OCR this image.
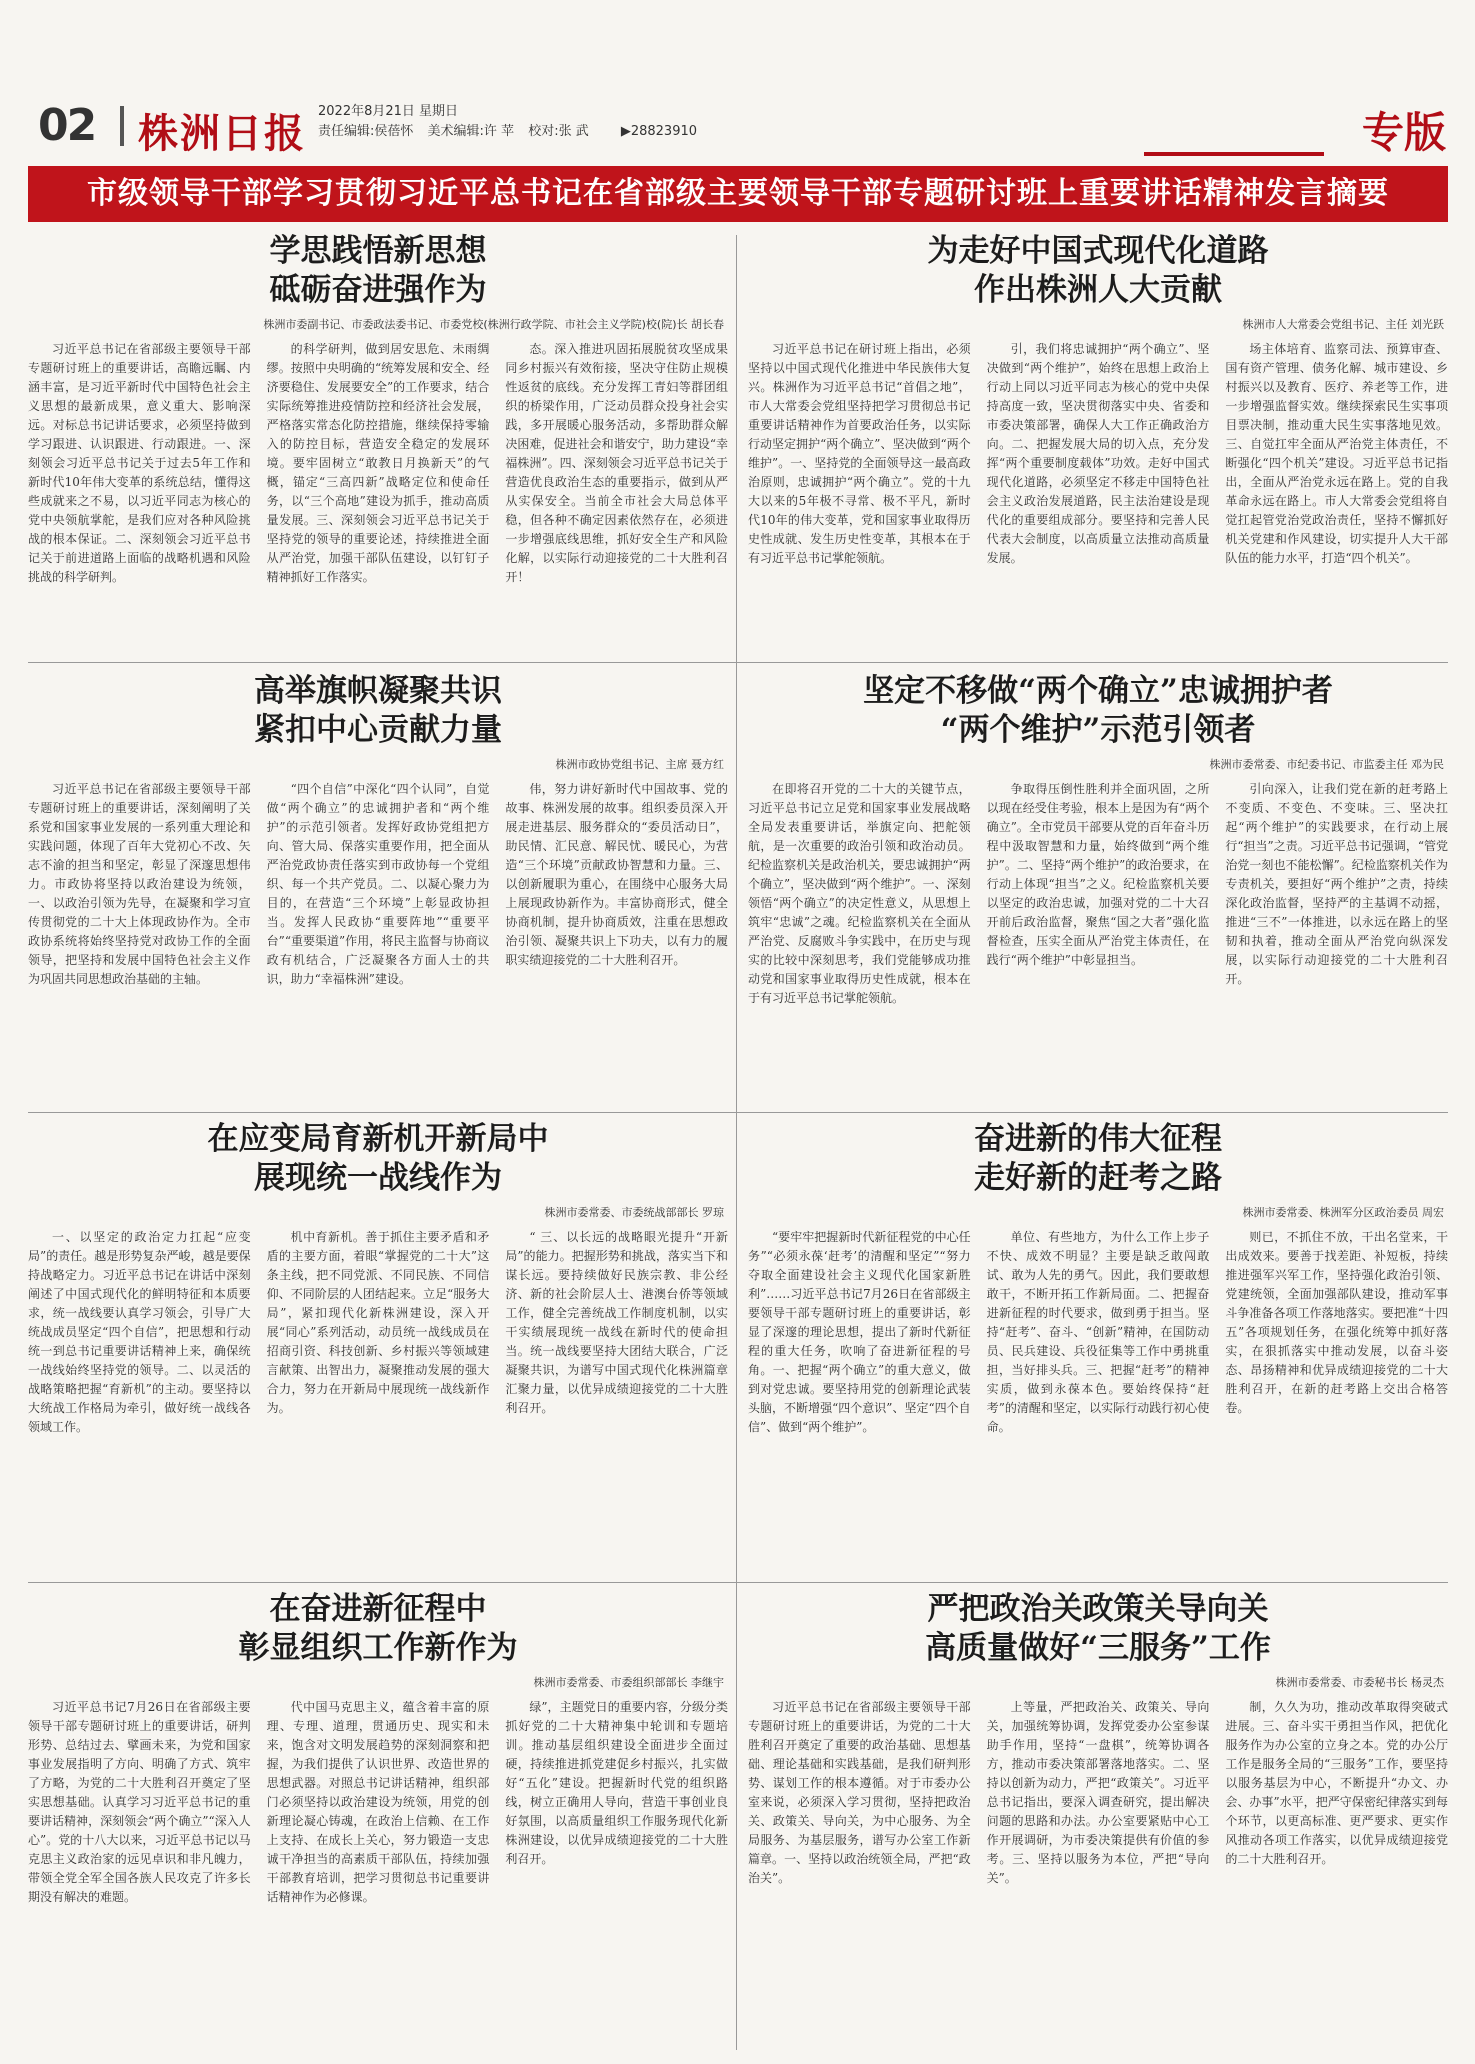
02 株洲日报 2022年8月21日 星期日
责任编辑:侯蓓怀 美术编辑:许 苹 校对:张 武 ▶28823910	专版
市级领导干部学习贯彻习近平总书记在省部级主要领导干部专题研讨班上重要讲话精神发言摘要
学思践悟新思想
砥砺奋进强作为
株洲市委副书记、市委政法委书记、市委党校(株洲行政学院、市社会主义学院)校(院)长 胡长春

习近平总书记在省部级主要领导干部专题研讨班上的重要讲话，高瞻远瞩、内涵丰富，是习近平新时代中国特色社会主义思想的最新成果，意义重大、影响深远。对标总书记讲话要求，必须坚持做到学习跟进、认识跟进、行动跟进。一、深刻领会习近平总书记关于过去5年工作和新时代10年伟大变革的系统总结，懂得这些成就来之不易，以习近平同志为核心的党中央领航掌舵，是我们应对各种风险挑战的根本保证。二、深刻领会习近平总书记关于前进道路上面临的战略机遇和风险挑战的科学研判。

的科学研判，做到居安思危、未雨绸缪。按照中央明确的“统筹发展和安全、经济要稳住、发展要安全”的工作要求，结合实际统筹推进疫情防控和经济社会发展，严格落实常态化防控措施，继续保持零输入的防控目标，营造安全稳定的发展环境。要牢固树立“敢教日月换新天”的气概，锚定“三高四新”战略定位和使命任务，以“三个高地”建设为抓手，推动高质量发展。三、深刻领会习近平总书记关于坚持党的领导的重要论述，持续推进全面从严治党，加强干部队伍建设，以钉钉子精神抓好工作落实。

态。深入推进巩固拓展脱贫攻坚成果同乡村振兴有效衔接，坚决守住防止规模性返贫的底线。充分发挥工青妇等群团组织的桥梁作用，广泛动员群众投身社会实践，多开展暖心服务活动，多帮助群众解决困难，促进社会和谐安宁，助力建设“幸福株洲”。四、深刻领会习近平总书记关于营造优良政治生态的重要指示，做到从严从实保安全。当前全市社会大局总体平稳，但各种不确定因素依然存在，必须进一步增强底线思维，抓好安全生产和风险化解，以实际行动迎接党的二十大胜利召开！

为走好中国式现代化道路
作出株洲人大贡献
株洲市人大常委会党组书记、主任 刘光跃

习近平总书记在研讨班上指出，必须坚持以中国式现代化推进中华民族伟大复兴。株洲作为习近平总书记“首倡之地”，市人大常委会党组坚持把学习贯彻总书记重要讲话精神作为首要政治任务，以实际行动坚定拥护“两个确立”、坚决做到“两个维护”。一、坚持党的全面领导这一最高政治原则，忠诚拥护“两个确立”。党的十九大以来的5年极不寻常、极不平凡，新时代10年的伟大变革，党和国家事业取得历史性成就、发生历史性变革，其根本在于有习近平总书记掌舵领航。

引，我们将忠诚拥护“两个确立”、坚决做到“两个维护”，始终在思想上政治上行动上同以习近平同志为核心的党中央保持高度一致，坚决贯彻落实中央、省委和市委决策部署，确保人大工作正确政治方向。二、把握发展大局的切入点，充分发挥“两个重要制度载体”功效。走好中国式现代化道路，必须坚定不移走中国特色社会主义政治发展道路，民主法治建设是现代化的重要组成部分。要坚持和完善人民代表大会制度，以高质量立法推动高质量发展。

场主体培育、监察司法、预算审查、国有资产管理、债务化解、城市建设、乡村振兴以及教育、医疗、养老等工作，进一步增强监督实效。继续探索民生实事项目票决制，推动重大民生实事落地见效。三、自觉扛牢全面从严治党主体责任，不断强化“四个机关”建设。习近平总书记指出，全面从严治党永远在路上。党的自我革命永远在路上。市人大常委会党组将自觉扛起管党治党政治责任，坚持不懈抓好机关党建和作风建设，切实提升人大干部队伍的能力水平，打造“四个机关”。

高举旗帜凝聚共识
紧扣中心贡献力量
株洲市政协党组书记、主席 聂方红

习近平总书记在省部级主要领导干部专题研讨班上的重要讲话，深刻阐明了关系党和国家事业发展的一系列重大理论和实践问题，体现了百年大党初心不改、矢志不渝的担当和坚定，彰显了深邃思想伟力。市政协将坚持以政治建设为统领，一、以政治引领为先导，在凝聚和学习宣传贯彻党的二十大上体现政协作为。全市政协系统将始终坚持党对政协工作的全面领导，把坚持和发展中国特色社会主义作为巩固共同思想政治基础的主轴。

“四个自信”中深化“四个认同”，自觉做“两个确立”的忠诚拥护者和“两个维护”的示范引领者。发挥好政协党组把方向、管大局、保落实重要作用，把全面从严治党政协责任落实到市政协每一个党组织、每一个共产党员。二、以凝心聚力为目的，在营造“三个环境”上彰显政协担当。发挥人民政协“重要阵地”“重要平台”“重要渠道”作用，将民主监督与协商议政有机结合，广泛凝聚各方面人士的共识，助力“幸福株洲”建设。

伟，努力讲好新时代中国故事、党的故事、株洲发展的故事。组织委员深入开展走进基层、服务群众的“委员活动日”，助民情、汇民意、解民忧、暖民心，为营造“三个环境”贡献政协智慧和力量。三、以创新履职为重心，在围绕中心服务大局上展现政协新作为。丰富协商形式，健全协商机制，提升协商质效，注重在思想政治引领、凝聚共识上下功夫，以有力的履职实绩迎接党的二十大胜利召开。

坚定不移做“两个确立”忠诚拥护者
“两个维护”示范引领者
株洲市委常委、市纪委书记、市监委主任 邓为民

在即将召开党的二十大的关键节点，习近平总书记立足党和国家事业发展战略全局发表重要讲话，举旗定向、把舵领航，是一次重要的政治引领和政治动员。纪检监察机关是政治机关，要忠诚拥护“两个确立”，坚决做到“两个维护”。一、深刻领悟“两个确立”的决定性意义，从思想上筑牢“忠诚”之魂。纪检监察机关在全面从严治党、反腐败斗争实践中，在历史与现实的比较中深刻思考，我们党能够成功推动党和国家事业取得历史性成就，根本在于有习近平总书记掌舵领航。

争取得压倒性胜利并全面巩固，之所以现在经受住考验，根本上是因为有“两个确立”。全市党员干部要从党的百年奋斗历程中汲取智慧和力量，始终做到“两个维护”。二、坚持“两个维护”的政治要求，在行动上体现“担当”之义。纪检监察机关要以坚定的政治忠诚，加强对党的二十大召开前后政治监督，聚焦“国之大者”强化监督检查，压实全面从严治党主体责任，在践行“两个维护”中彰显担当。

引向深入，让我们党在新的赶考路上不变质、不变色、不变味。三、坚决扛起“两个维护”的实践要求，在行动上展行“担当”之责。习近平总书记强调，“管党治党一刻也不能松懈”。纪检监察机关作为专责机关，要担好“两个维护”之责，持续深化政治监督，坚持严的主基调不动摇，推进“三不”一体推进，以永远在路上的坚韧和执着，推动全面从严治党向纵深发展，以实际行动迎接党的二十大胜利召开。

在应变局育新机开新局中
展现统一战线作为
株洲市委常委、市委统战部部长 罗琼

一、以坚定的政治定力扛起“应变局”的责任。越是形势复杂严峻，越是要保持战略定力。习近平总书记在讲话中深刻阐述了中国式现代化的鲜明特征和本质要求，统一战线要认真学习领会，引导广大统战成员坚定“四个自信”，把思想和行动统一到总书记重要讲话精神上来，确保统一战线始终坚持党的领导。二、以灵活的战略策略把握“育新机”的主动。要坚持以大统战工作格局为牵引，做好统一战线各领域工作。

机中育新机。善于抓住主要矛盾和矛盾的主要方面，着眼“掌握党的二十大”这条主线，把不同党派、不同民族、不同信仰、不同阶层的人团结起来。立足“服务大局”，紧扣现代化新株洲建设，深入开展“同心”系列活动，动员统一战线成员在招商引资、科技创新、乡村振兴等领域建言献策、出智出力，凝聚推动发展的强大合力，努力在开新局中展现统一战线新作为。

“ 三、以长远的战略眼光提升“开新局”的能力。把握形势和挑战，落实当下和谋长远。要持续做好民族宗教、非公经济、新的社会阶层人士、港澳台侨等领域工作，健全完善统战工作制度机制，以实干实绩展现统一战线在新时代的使命担当。统一战线要坚持大团结大联合，广泛凝聚共识，为谱写中国式现代化株洲篇章汇聚力量，以优异成绩迎接党的二十大胜利召开。

奋进新的伟大征程
走好新的赶考之路
株洲市委常委、株洲军分区政治委员 周宏

“要牢牢把握新时代新征程党的中心任务”“必须永葆‘赶考’的清醒和坚定”“努力夺取全面建设社会主义现代化国家新胜利”……习近平总书记7月26日在省部级主要领导干部专题研讨班上的重要讲话，彰显了深邃的理论思想，提出了新时代新征程的重大任务，吹响了奋进新征程的号角。一、把握“两个确立”的重大意义，做到对党忠诚。要坚持用党的创新理论武装头脑，不断增强“四个意识”、坚定“四个自信”、做到“两个维护”。

单位、有些地方，为什么工作上步子不快、成效不明显？主要是缺乏敢闯敢试、敢为人先的勇气。因此，我们要敢想敢干，不断开拓工作新局面。二、把握奋进新征程的时代要求，做到勇于担当。坚持“赶考”、奋斗、“创新”精神，在国防动员、民兵建设、兵役征集等工作中勇挑重担，当好排头兵。三、把握“赶考”的精神实质，做到永葆本色。要始终保持“赶考”的清醒和坚定，以实际行动践行初心使命。

则已，不抓住不放，干出名堂来，干出成效来。要善于找差距、补短板，持续推进强军兴军工作，坚持强化政治引领、党建统领，全面加强部队建设，推动军事斗争准备各项工作落地落实。要把准“十四五”各项规划任务，在强化统筹中抓好落实，在狠抓落实中推动发展，以奋斗姿态、昂扬精神和优异成绩迎接党的二十大胜利召开，在新的赶考路上交出合格答卷。

在奋进新征程中
彰显组织工作新作为
株洲市委常委、市委组织部部长 李继宇

习近平总书记7月26日在省部级主要领导干部专题研讨班上的重要讲话，研判形势、总结过去、擘画未来，为党和国家事业发展指明了方向、明确了方式、筑牢了方略，为党的二十大胜利召开奠定了坚实思想基础。认真学习习近平总书记的重要讲话精神，深刻领会“两个确立”“深入人心”。党的十八大以来，习近平总书记以马克思主义政治家的远见卓识和非凡魄力，带领全党全军全国各族人民攻克了许多长期没有解决的难题。

代中国马克思主义，蕴含着丰富的原理、专理、道理，贯通历史、现实和未来，饱含对文明发展趋势的深刻洞察和把握，为我们提供了认识世界、改造世界的思想武器。对照总书记讲话精神，组织部门必须坚持以政治建设为统领，用党的创新理论凝心铸魂，在政治上信赖、在工作上支持、在成长上关心，努力锻造一支忠诚干净担当的高素质干部队伍，持续加强干部教育培训，把学习贯彻总书记重要讲话精神作为必修课。

绿”，主题党日的重要内容，分级分类抓好党的二十大精神集中轮训和专题培训。推动基层组织建设全面进步全面过硬，持续推进抓党建促乡村振兴，扎实做好“五化”建设。把握新时代党的组织路线，树立正确用人导向，营造干事创业良好氛围，以高质量组织工作服务现代化新株洲建设，以优异成绩迎接党的二十大胜利召开。

严把政治关政策关导向关
高质量做好“三服务”工作
株洲市委常委、市委秘书长 杨灵杰

习近平总书记在省部级主要领导干部专题研讨班上的重要讲话，为党的二十大胜利召开奠定了重要的政治基础、思想基础、理论基础和实践基础，是我们研判形势、谋划工作的根本遵循。对于市委办公室来说，必须深入学习贯彻，坚持把政治关、政策关、导向关，为中心服务、为全局服务、为基层服务，谱写办公室工作新篇章。一、坚持以政治统领全局，严把“政治关”。

上等量，严把政治关、政策关、导向关，加强统筹协调，发挥党委办公室参谋助手作用，坚持“一盘棋”，统筹协调各方，推动市委决策部署落地落实。二、坚持以创新为动力，严把“政策关”。习近平总书记指出，要深入调查研究，提出解决问题的思路和办法。办公室要紧贴中心工作开展调研，为市委决策提供有价值的参考。三、坚持以服务为本位，严把“导向关”。

制，久久为功，推动改革取得突破式进展。三、奋斗实干勇担当作风，把优化服务作为办公室的立身之本。党的办公厅工作是服务全局的“三服务”工作，要坚持以服务基层为中心，不断提升“办文、办会、办事”水平，把严守保密纪律落实到每个环节，以更高标准、更严要求、更实作风推动各项工作落实，以优异成绩迎接党的二十大胜利召开。
